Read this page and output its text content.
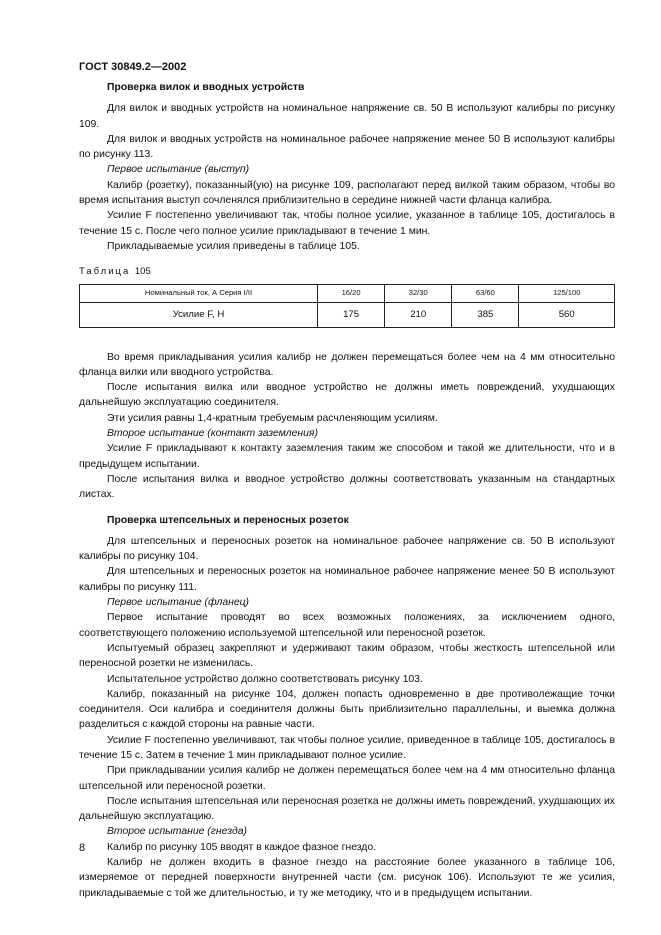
ГОСТ 30849.2—2002

Проверка вилок и вводных устройств

Для вилок и вводных устройств на номинальное напряжение св. 50 В используют калибры по рисунку 109.

Для вилок и вводных устройств на номинальное рабочее напряжение менее 50 В используют калибры по рисунку 113.

Первое испытание (выступ)

Калибр (розетку), показанный(ую) на рисунке 109, располагают перед вилкой таким образом, чтобы во время испытания выступ сочленялся приблизительно в середине нижней части фланца калибра.

Усилие F постепенно увеличивают так, чтобы полное усилие, указанное в таблице 105, достигалось в течение 15 с. После чего полное усилие прикладывают в течение 1 мин.

Прикладываемые усилия приведены в таблице 105.

Таблица 105

Номинальный ток, А Серия I/II	16/20	32/30	63/60	125/100
Усилие F, Н	175	210	385	560

Во время прикладывания усилия калибр не должен перемещаться более чем на 4 мм относительно фланца вилки или вводного устройства.

После испытания вилка или вводное устройство не должны иметь повреждений, ухудшающих дальнейшую эксплуатацию соединителя.

Эти усилия равны 1,4-кратным требуемым расчленяющим усилиям.

Второе испытание (контакт заземления)

Усилие F прикладывают к контакту заземления таким же способом и такой же длительности, что и в предыдущем испытании.

После испытания вилка и вводное устройство должны соответствовать указанным на стандартных листах.

Проверка штепсельных и переносных розеток

Для штепсельных и переносных розеток на номинальное рабочее напряжение св. 50 В используют калибры по рисунку 104.

Для штепсельных и переносных розеток на номинальное рабочее напряжение менее 50 В используют калибры по рисунку 111.

Первое испытание (фланец)

Первое испытание проводят во всех возможных положениях, за исключением одного, соответствующего положению используемой штепсельной или переносной розеток.

Испытуемый образец закрепляют и удерживают таким образом, чтобы жесткость штепсельной или переносной розетки не изменилась.

Испытательное устройство должно соответствовать рисунку 103.

Калибр, показанный на рисунке 104, должен попасть одновременно в две противолежащие точки соединителя. Оси калибра и соединителя должны быть приблизительно параллельны, и выемка должна разделиться с каждой стороны на равные части.

Усилие F постепенно увеличивают, так чтобы полное усилие, приведенное в таблице 105, достигалось в течение 15 с. Затем в течение 1 мин прикладывают полное усилие.

При прикладывании усилия калибр не должен перемещаться более чем на 4 мм относительно фланца штепсельной или переносной розетки.

После испытания штепсельная или переносная розетка не должны иметь повреждений, ухудшающих их дальнейшую эксплуатацию.

Второе испытание (гнезда)

Калибр по рисунку 105 вводят в каждое фазное гнездо.

Калибр не должен входить в фазное гнездо на расстояние более указанного в таблице 106, измеряемое от передней поверхности внутренней части (см. рисунок 106). Используют те же усилия, прикладываемые с той же длительностью, и ту же методику, что и в предыдущем испытании.

8
